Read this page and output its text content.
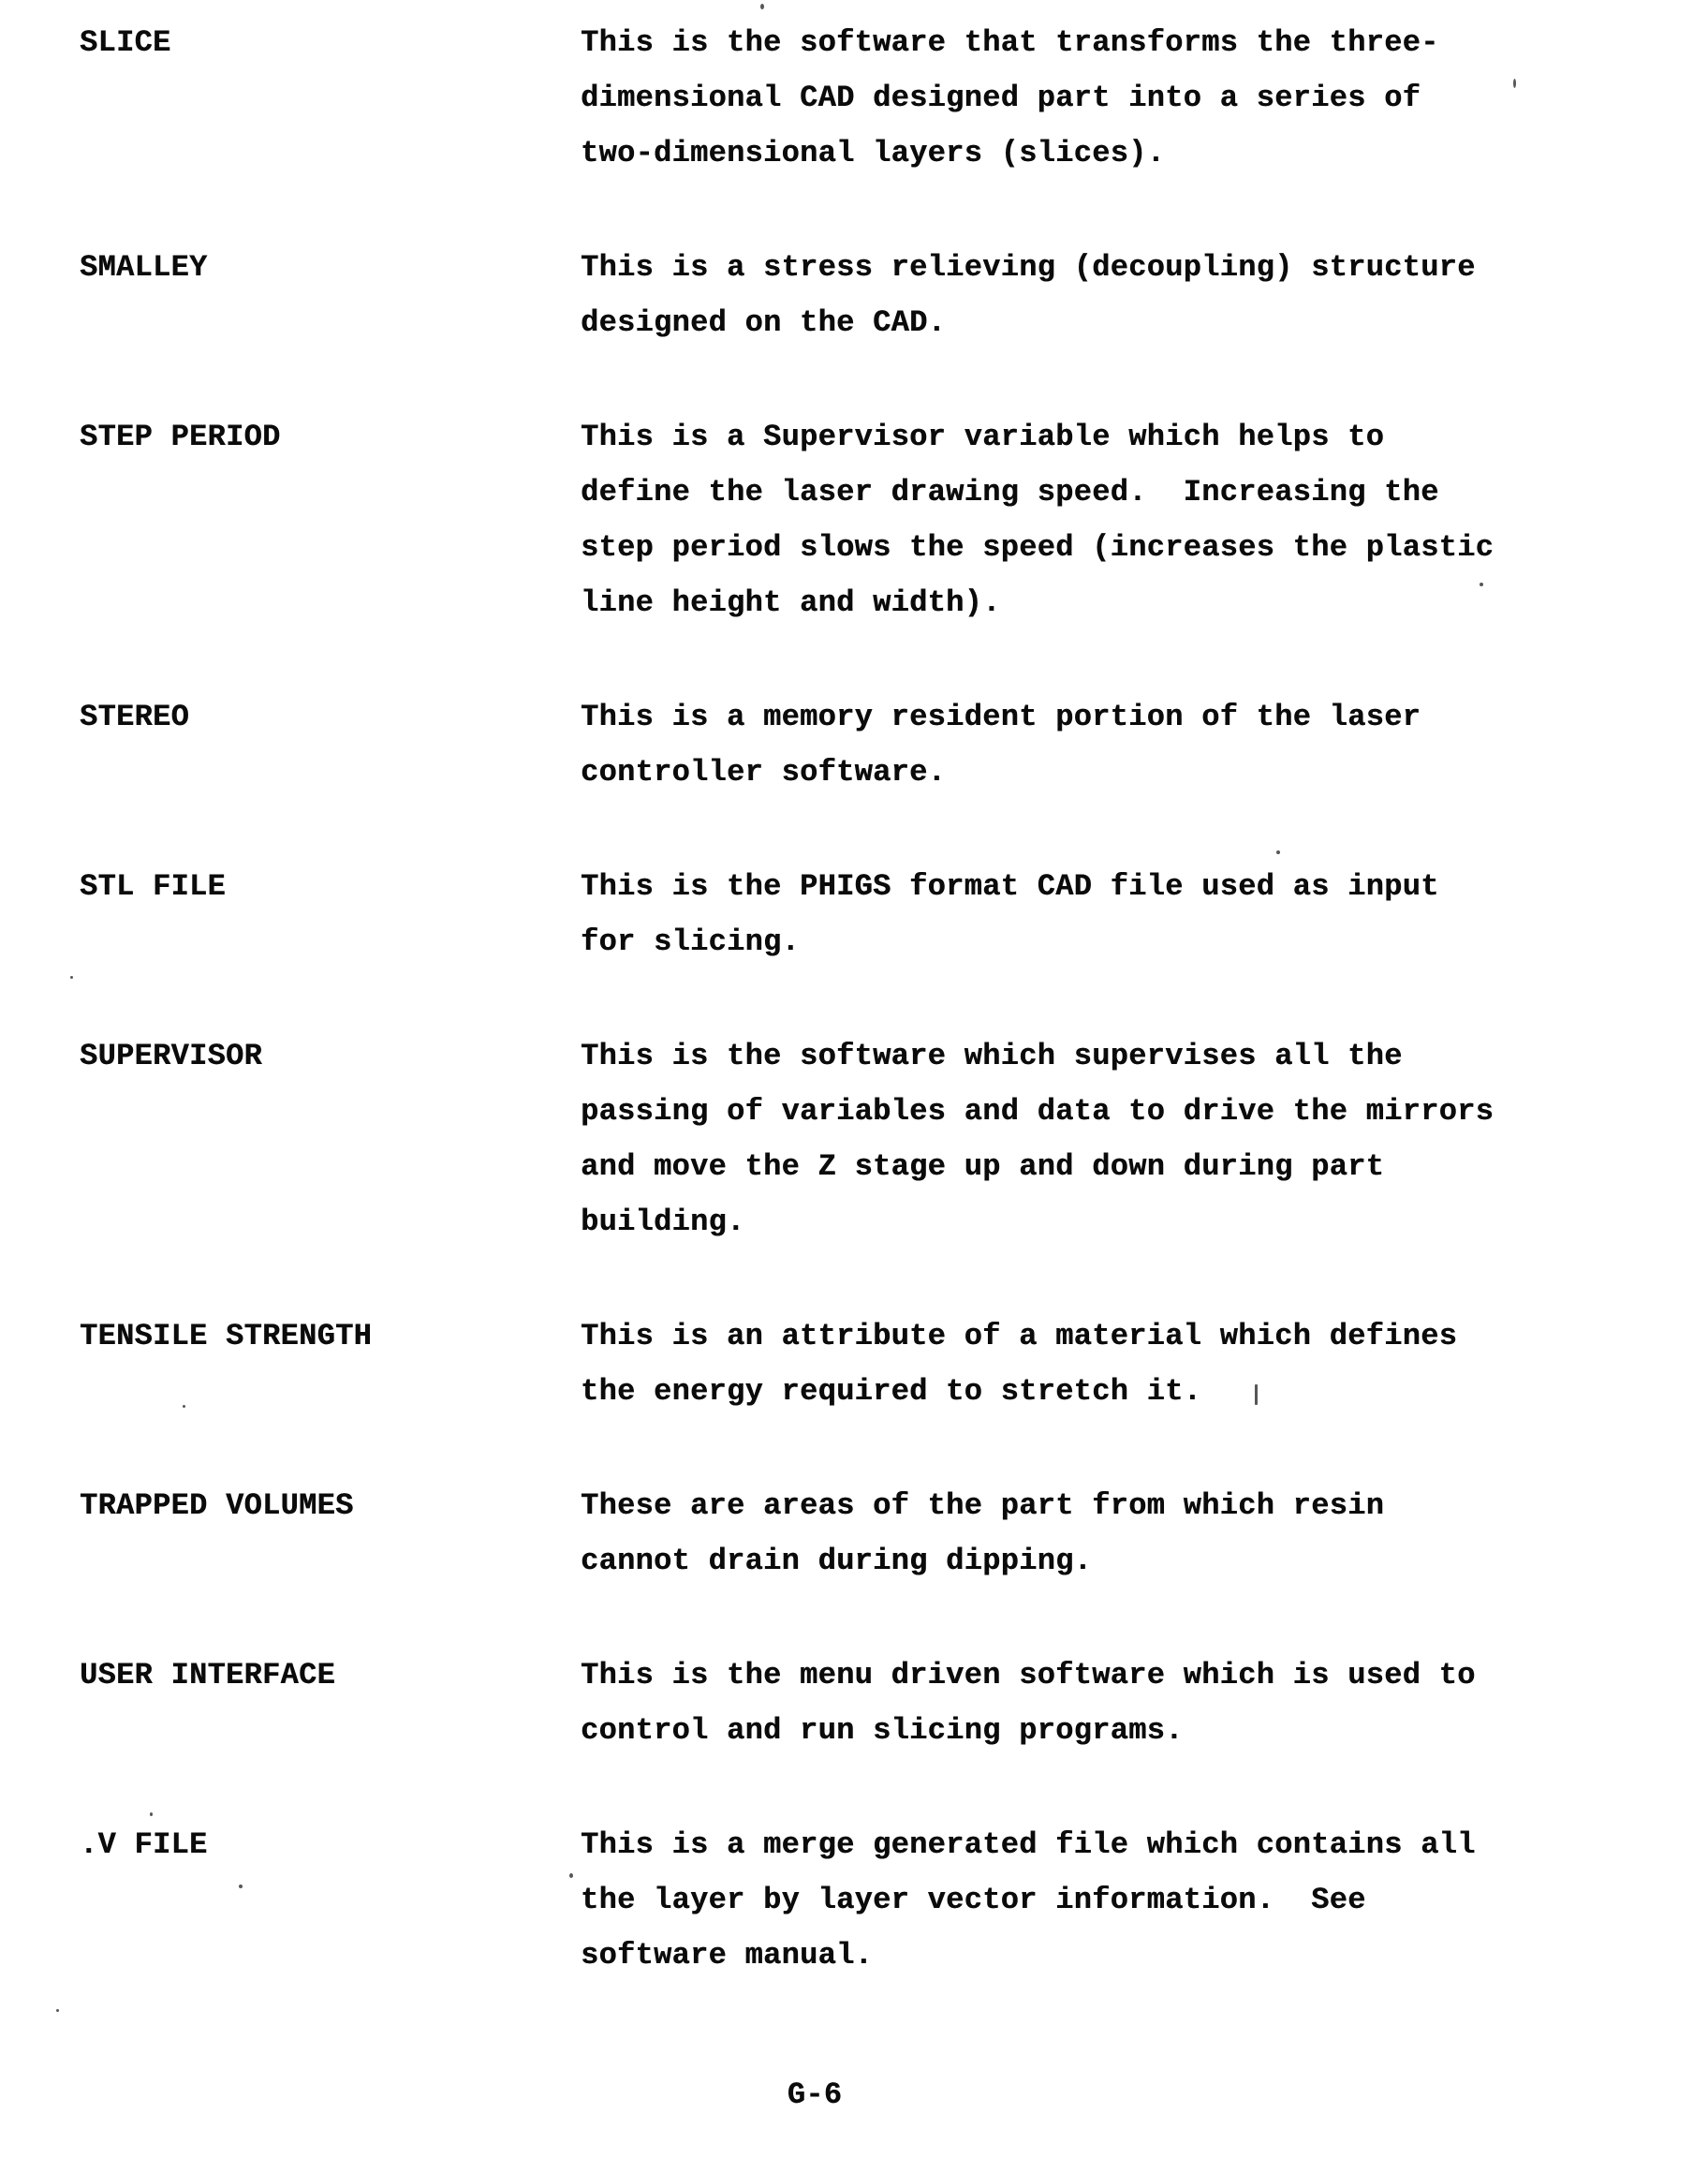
SLICE	This is the software that transforms the three-
dimensional CAD designed part into a series of
two-dimensional layers (slices).
SMALLEY	This is a stress relieving (decoupling) structure
designed on the CAD.
STEP PERIOD	This is a Supervisor variable which helps to
define the laser drawing speed.  Increasing the
step period slows the speed (increases the plastic
line height and width).
STEREO	This is a memory resident portion of the laser
controller software.
STL FILE	This is the PHIGS format CAD file used as input
for slicing.
SUPERVISOR	This is the software which supervises all the
passing of variables and data to drive the mirrors
and move the Z stage up and down during part
building.
TENSILE STRENGTH	This is an attribute of a material which defines
the energy required to stretch it.
TRAPPED VOLUMES	These are areas of the part from which resin
cannot drain during dipping.
USER INTERFACE	This is the menu driven software which is used to
control and run slicing programs.
.V FILE	This is a merge generated file which contains all
the layer by layer vector information.  See
software manual.
G-6
